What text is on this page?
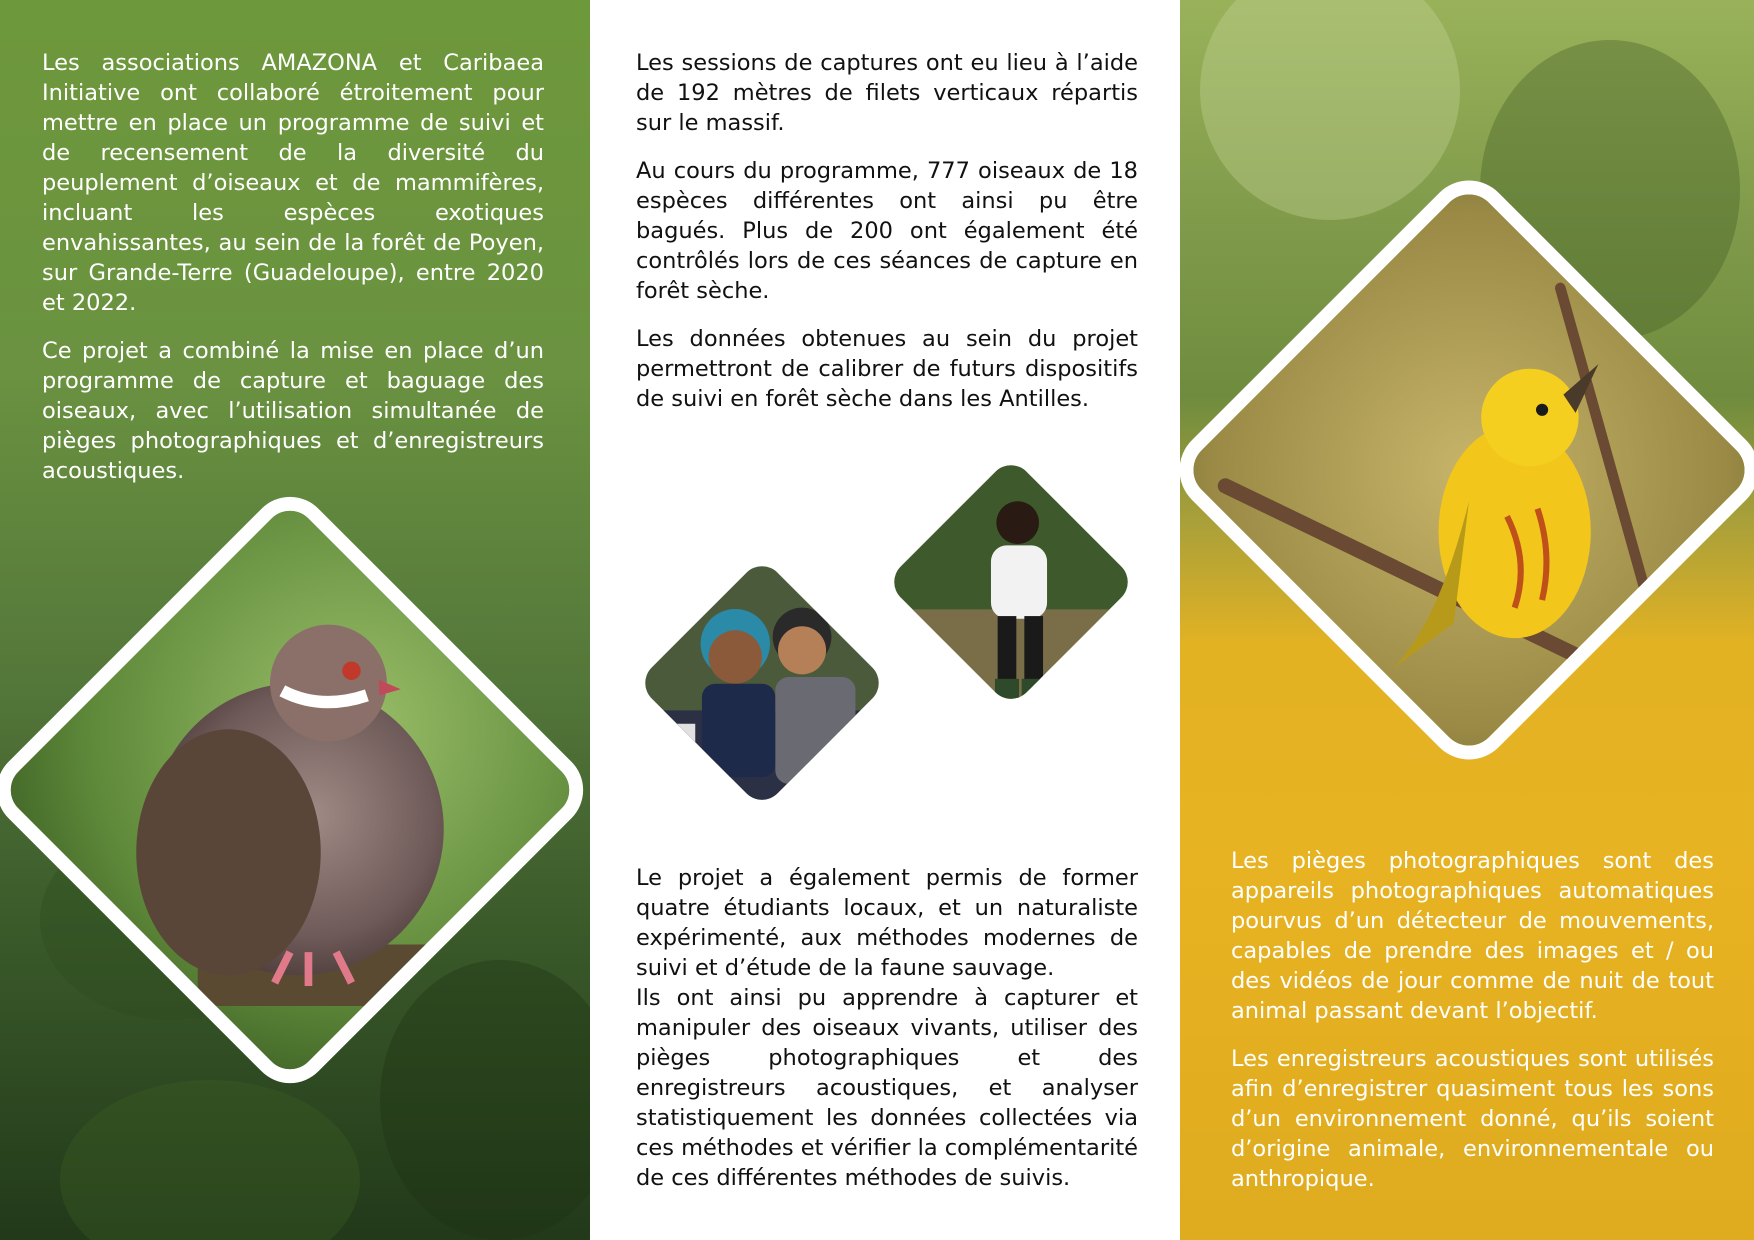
Les associations AMAZONA et Caribaea Initiative ont collaboré étroitement pour mettre en place un programme de suivi et de recensement de la diversité du peuplement d’oiseaux et de mammifères, incluant les espèces exotiques envahissantes, au sein de la forêt de Poyen, sur Grande-Terre (Guadeloupe), entre 2020 et 2022.

Ce projet a combiné la mise en place d’un programme de capture et baguage des oiseaux, avec l’utilisation simultanée de pièges photographiques et d’enregistreurs acoustiques.

Les sessions de captures ont eu lieu à l’aide de 192 mètres de filets verticaux répartis sur le massif.

Au cours du programme, 777 oiseaux de 18 espèces différentes ont ainsi pu être bagués. Plus de 200 ont également été contrôlés lors de ces séances de capture en forêt sèche.

Les données obtenues au sein du projet permettront de calibrer de futurs dispositifs de suivi en forêt sèche dans les Antilles.

Le projet a également permis de former quatre étudiants locaux, et un naturaliste expérimenté, aux méthodes modernes de suivi et d’étude de la faune sauvage.

Ils ont ainsi pu apprendre à capturer et manipuler des oiseaux vivants, utiliser des pièges photographiques et des enregistreurs acoustiques, et analyser statistiquement les données collectées via ces méthodes et vérifier la complémentarité de ces différentes méthodes de suivis.

Les pièges photographiques sont des appareils photographiques automatiques pourvus d’un détecteur de mouvements, capables de prendre des images et / ou des vidéos de jour comme de nuit de tout animal passant devant l’objectif.

Les enregistreurs acoustiques sont utilisés afin d’enregistrer quasiment tous les sons d’un environnement donné, qu’ils soient d’origine animale, environnementale ou anthropique.
